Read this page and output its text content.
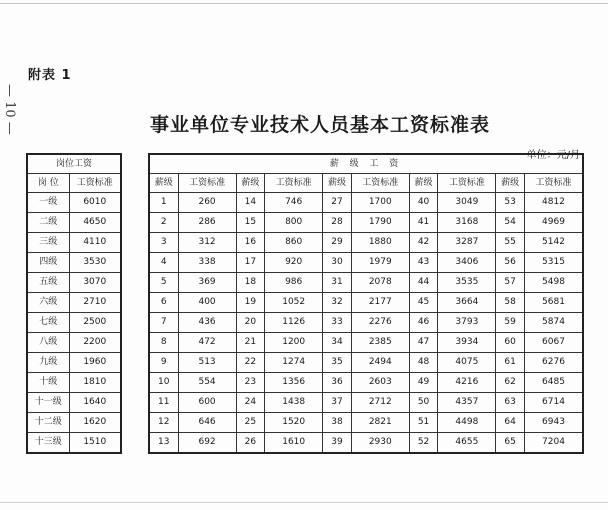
附表 1
— 10 —	事业单位专业技术人员基本工资标准表
单位：元/月
岗位工资	
岗 位	工资标准
一级	6010
二级	4650
三级	4110
四级	3530
五级	3070
六级	2710
七级	2500
八级	2200
九级	1960
十级	1810
十一级	1640
十二级	1620
十三级	1510
薪 级 工 资									
薪级	工资标准	薪级	工资标准	薪级	工资标准	薪级	工资标准	薪级	工资标准
1	260	14	746	27	1700	40	3049	53	4812
2	286	15	800	28	1790	41	3168	54	4969
3	312	16	860	29	1880	42	3287	55	5142
4	338	17	920	30	1979	43	3406	56	5315
5	369	18	986	31	2078	44	3535	57	5498
6	400	19	1052	32	2177	45	3664	58	5681
7	436	20	1126	33	2276	46	3793	59	5874
8	472	21	1200	34	2385	47	3934	60	6067
9	513	22	1274	35	2494	48	4075	61	6276
10	554	23	1356	36	2603	49	4216	62	6485
11	600	24	1438	37	2712	50	4357	63	6714
12	646	25	1520	38	2821	51	4498	64	6943
13	692	26	1610	39	2930	52	4655	65	7204
